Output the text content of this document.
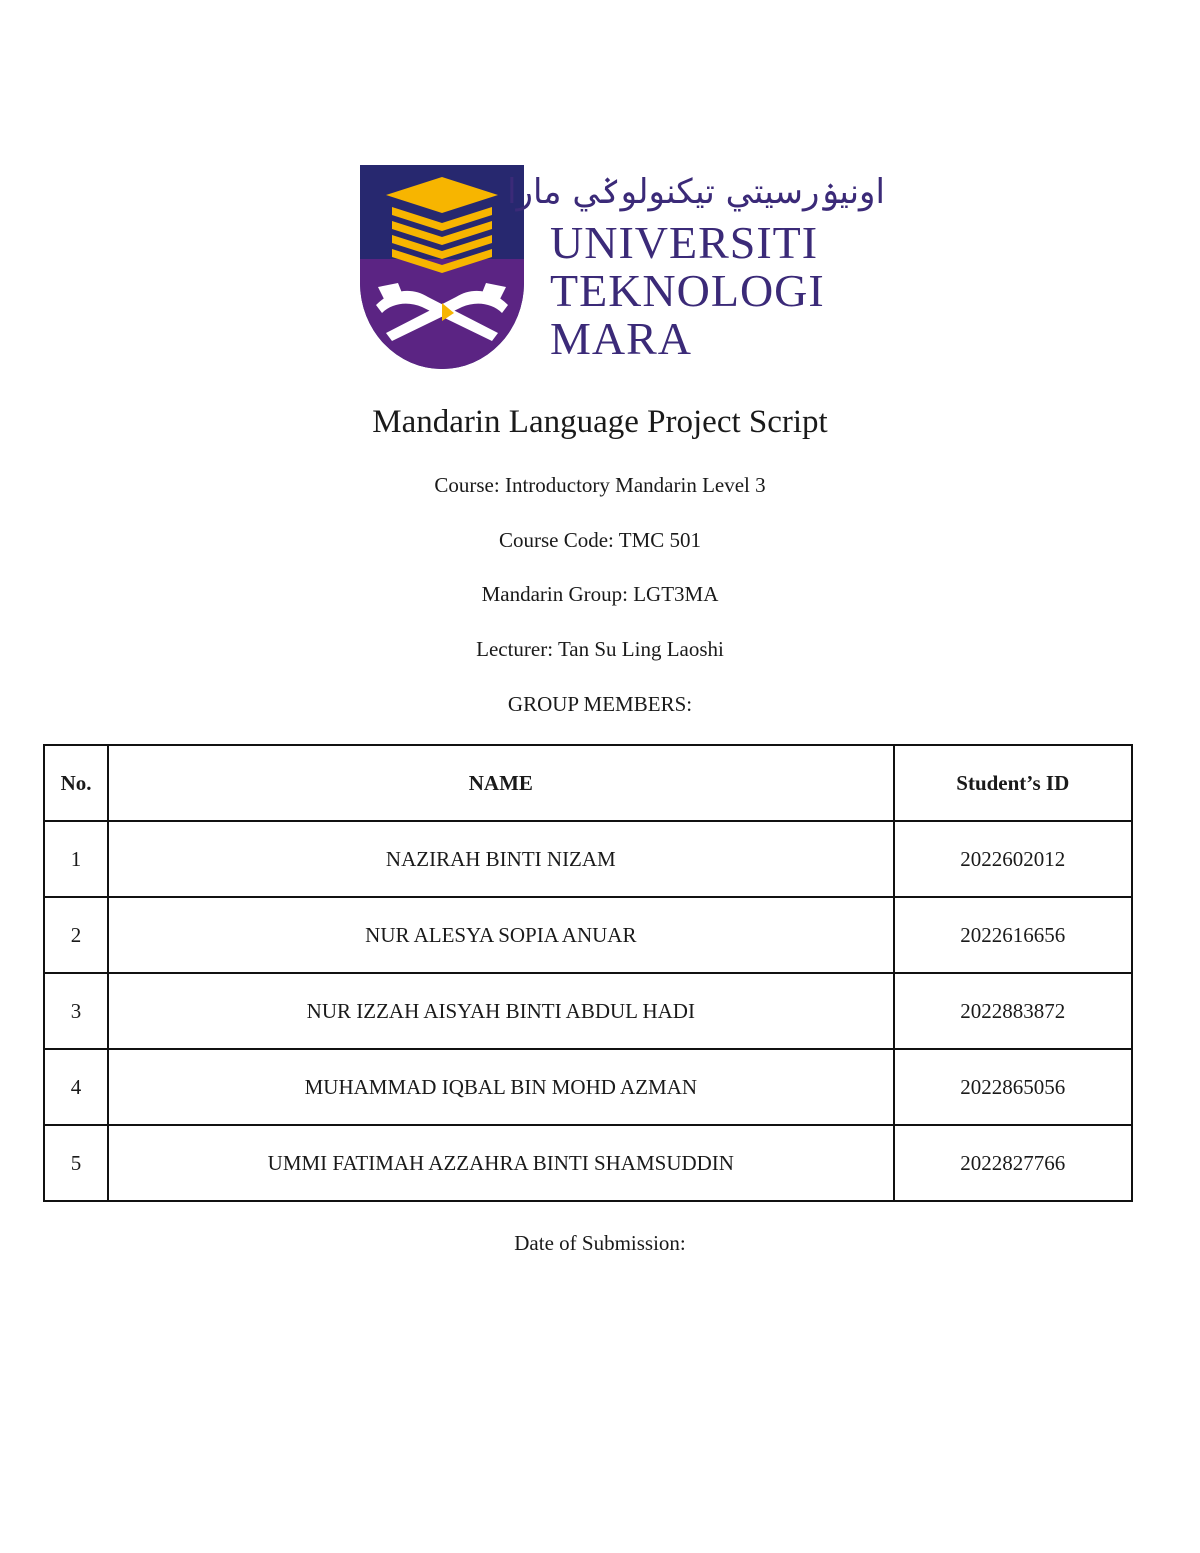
اونيۏرسيتي تيكنولوݢي مارا
UNIVERSITI
TEKNOLOGI
MARA
Mandarin Language Project Script
Course: Introductory Mandarin Level 3
Course Code: TMC 501
Mandarin Group: LGT3MA
Lecturer: Tan Su Ling Laoshi
GROUP MEMBERS:
No.	NAME	Student’s ID
1	NAZIRAH BINTI NIZAM	2022602012
2	NUR ALESYA SOPIA ANUAR	2022616656
3	NUR IZZAH AISYAH BINTI ABDUL HADI	2022883872
4	MUHAMMAD IQBAL BIN MOHD AZMAN	2022865056
5	UMMI FATIMAH AZZAHRA BINTI SHAMSUDDIN	2022827766
Date of Submission:
